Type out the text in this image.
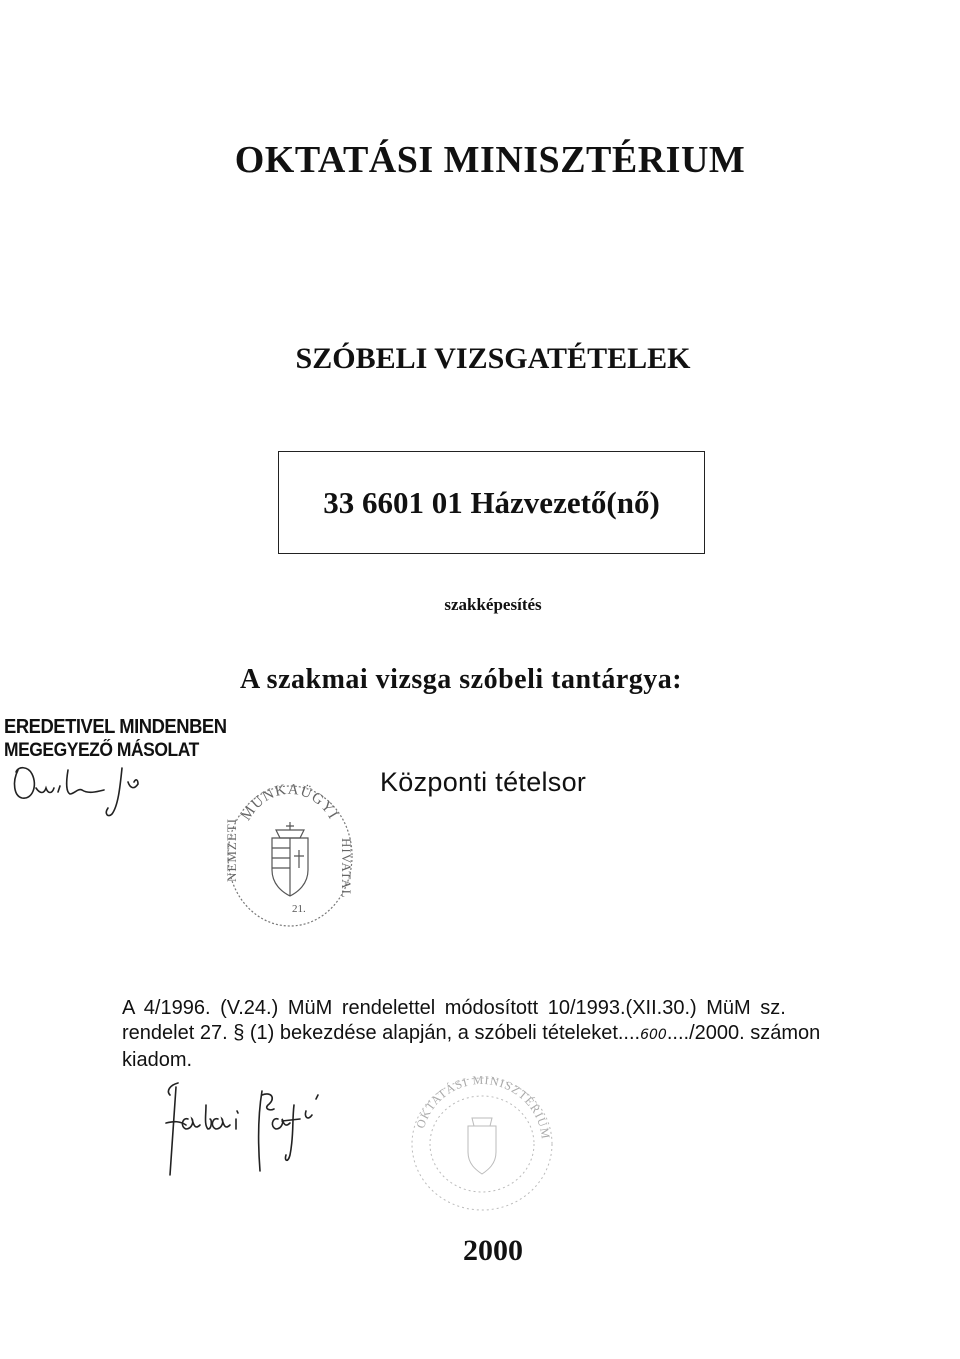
OKTATÁSI MINISZTÉRIUM
SZÓBELI VIZSGATÉTELEK
33 6601 01 Házvezető(nő)
szakképesítés
A szakmai vizsga szóbeli tantárgya:
EREDETIVEL MINDENBEN
MEGEGYEZŐ MÁSOLAT
Központi tételsor
MUNKAÜGYI
HIVATAL
NEMZETI
21.
A 4/1996. (V.24.) MüM rendelettel módosított 10/1993.(XII.30.) MüM sz.
rendelet 27. § (1) bekezdése alapján, a szóbeli tételeket....600..../2000. számon
kiadom.
OKTATÁSI MINISZTÉRIUM
2000
